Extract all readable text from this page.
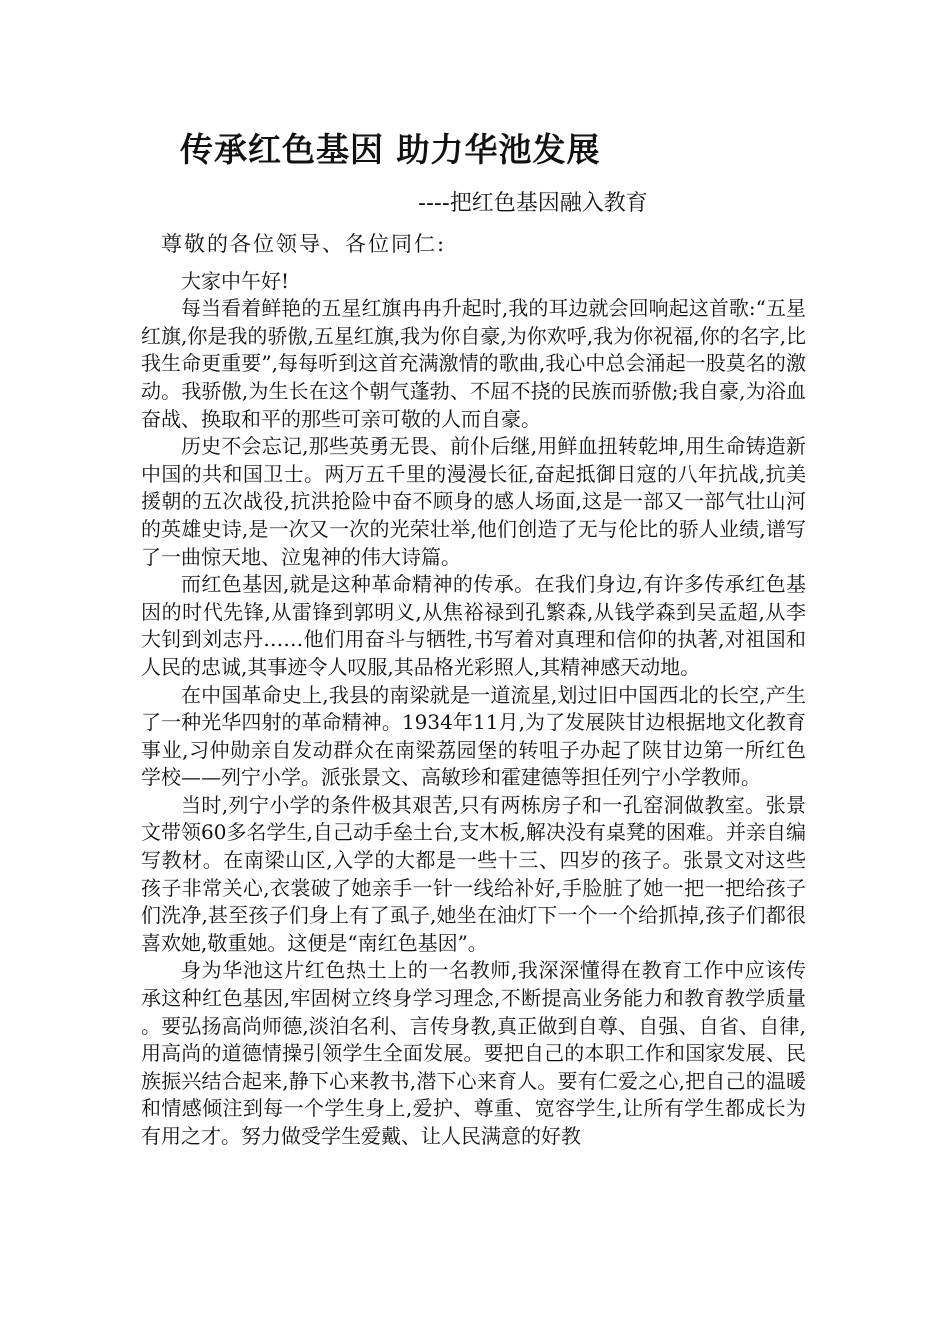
传承红色基因 助力华池发展
----把红色基因融入教育

尊敬的各位领导、各位同仁:

大家中午好!

每当看着鲜艳的五星红旗冉冉升起时,我的耳边就会回响起这首歌:“五星红旗,你是我的骄傲,五星红旗,我为你自豪,为你欢呼,我为你祝福,你的名字,比我生命更重要”,每每听到这首充满激情的歌曲,我心中总会涌起一股莫名的激动。我骄傲,为生长在这个朝气蓬勃、不屈不挠的民族而骄傲;我自豪,为浴血奋战、换取和平的那些可亲可敬的人而自豪。

历史不会忘记,那些英勇无畏、前仆后继,用鲜血扭转乾坤,用生命铸造新中国的共和国卫士。两万五千里的漫漫长征,奋起抵御日寇的八年抗战,抗美援朝的五次战役,抗洪抢险中奋不顾身的感人场面,这是一部又一部气壮山河的英雄史诗,是一次又一次的光荣壮举,他们创造了无与伦比的骄人业绩,谱写了一曲惊天地、泣鬼神的伟大诗篇。

而红色基因,就是这种革命精神的传承。在我们身边,有许多传承红色基因的时代先锋,从雷锋到郭明义,从焦裕禄到孔繁森,从钱学森到吴孟超,从李大钊到刘志丹……他们用奋斗与牺牲,书写着对真理和信仰的执著,对祖国和人民的忠诚,其事迹令人叹服,其品格光彩照人,其精神感天动地。

在中国革命史上,我县的南梁就是一道流星,划过旧中国西北的长空,产生了一种光华四射的革命精神。1934年11月,为了发展陕甘边根据地文化教育事业,习仲勋亲自发动群众在南梁荔园堡的转咀子办起了陕甘边第一所红色学校——列宁小学。派张景文、高敏珍和霍建德等担任列宁小学教师。

当时,列宁小学的条件极其艰苦,只有两栋房子和一孔窑洞做教室。张景文带领60多名学生,自己动手垒土台,支木板,解决没有桌凳的困难。并亲自编写教材。在南梁山区,入学的大都是一些十三、四岁的孩子。张景文对这些孩子非常关心,衣裳破了她亲手一针一线给补好,手脸脏了她一把一把给孩子们洗净,甚至孩子们身上有了虱子,她坐在油灯下一个一个给抓掉,孩子们都很喜欢她,敬重她。这便是“南红色基因”。

身为华池这片红色热土上的一名教师,我深深懂得在教育工作中应该传承这种红色基因,牢固树立终身学习理念,不断提高业务能力和教育教学质量 。要弘扬高尚师德,淡泊名利、言传身教,真正做到自尊、自强、自省、自律,用高尚的道德情操引领学生全面发展。要把自己的本职工作和国家发展、民族振兴结合起来,静下心来教书,潜下心来育人。要有仁爱之心,把自己的温暖和情感倾注到每一个学生身上,爱护、尊重、宽容学生,让所有学生都成长为有用之才。努力做受学生爱戴、让人民满意的好教
